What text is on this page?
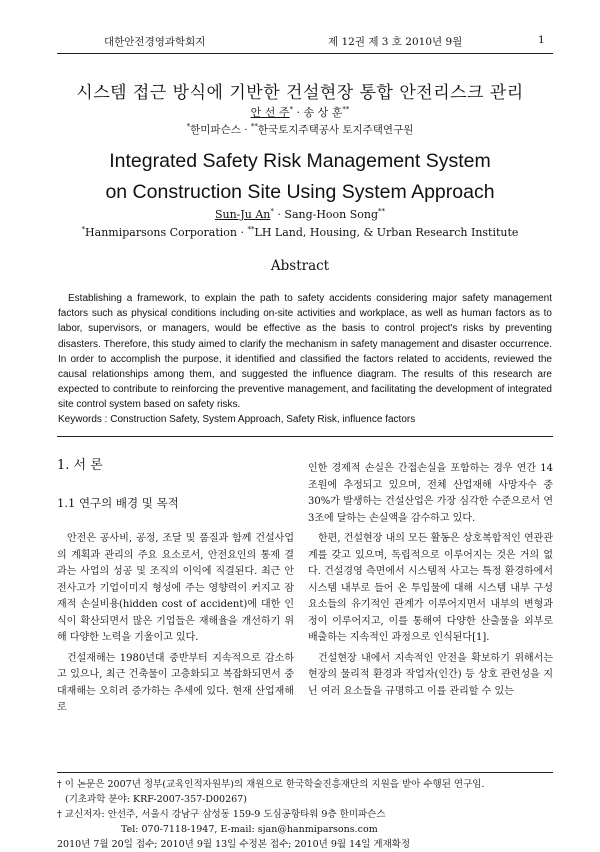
대한안전경영과학회지	제 12권 제 3 호 2010년 9월	1
시스템 접근 방식에 기반한 건설현장 통합 안전리스크 관리
안 선 주* · 송 상 훈**
*한미파슨스 · **한국토지주택공사 토지주택연구원
Integrated Safety Risk Management System
on Construction Site Using System Approach
Sun-Ju An* · Sang-Hoon Song**
*Hanmiparsons Corporation · **LH Land, Housing, & Urban Research Institute
Abstract

Establishing a framework, to explain the path to safety accidents considering major safety management factors such as physical conditions including on-site activities and workplace, as well as human factors as to labor, supervisors, or managers, would be effective as the basis to control project's risks by preventing disasters. Therefore, this study aimed to clarify the mechanism in safety management and disaster occurrence. In order to accomplish the purpose, it identified and classified the factors related to accidents, reviewed the causal relationships among them, and suggested the influence diagram. The results of this research are expected to contribute to reinforcing the preventive management, and facilitating the development of integrated site control system based on safety risks.

Keywords : Construction Safety, System Approach, Safety Risk, influence factors
1. 서 론
1.1 연구의 배경 및 목적

안전은 공사비, 공정, 조달 및 품질과 함께 건설사업의 계획과 관리의 주요 요소로서, 안전요인의 통제 결과는 사업의 성공 및 조직의 이익에 직결된다. 최근 안전사고가 기업이미지 형성에 주는 영향력이 커지고 잠재적 손실비용(hidden cost of accident)에 대한 인식이 확산되면서 많은 기업들은 재해율을 개선하기 위해 다양한 노력을 기울이고 있다.

건설재해는 1980년대 중반부터 지속적으로 감소하고 있으나, 최근 건축물이 고층화되고 복잡화되면서 중대재해는 오히려 증가하는 추세에 있다. 현재 산업재해로

인한 경제적 손실은 간접손실을 포함하는 경우 연간 14조원에 추정되고 있으며, 전체 산업재해 사망자수 중 30%가 발생하는 건설산업은 가장 심각한 수준으로서 연 3조에 달하는 손실액을 감수하고 있다.

한편, 건설현장 내의 모든 활동은 상호복합적인 연관관계를 갖고 있으며, 독립적으로 이루어지는 것은 거의 없다. 건설경영 측면에서 시스템적 사고는 특정 환경하에서 시스템 내부로 들어 온 투입물에 대해 시스템 내부 구성요소들의 유기적인 관계가 이루어지면서 내부의 변형과정이 이루어지고, 이를 통해여 다양한 산출물을 외부로 배출하는 지속적인 과정으로 인식된다[1].

건설현장 내에서 지속적인 안전을 확보하기 위해서는 현장의 물리적 환경과 작업자(인간) 등 상호 관련성을 지닌 여러 요소들을 규명하고 이를 관리할 수 있는

† 이 논문은 2007년 정부(교육인적자원부)의 재원으로 한국학술진흥재단의 지원을 받아 수행된 연구임.
(기초과학 분야: KRF-2007-357-D00267)
† 교신저자: 안선주, 서울시 강남구 삼성동 159-9 도심공항타워 9층 한미파슨스
Tel: 070-7118-1947, E-mail: sjan@hanmiparsons.com
2010년 7월 20일 접수; 2010년 9월 13일 수정본 접수; 2010년 9월 14일 게재확정
